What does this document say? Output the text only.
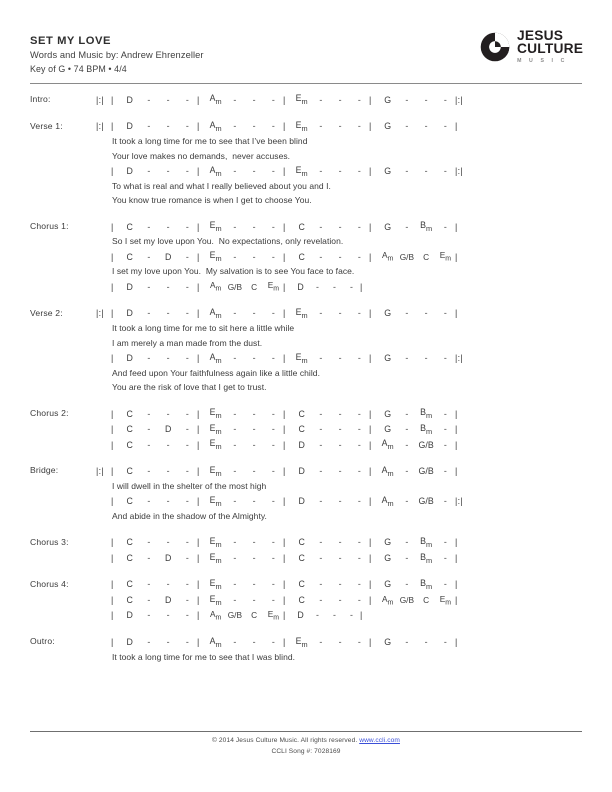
SET MY LOVE
Words and Music by: Andrew Ehrenzeller
Key of G • 74 BPM • 4/4
JESUS
CULTURE
M U S I C
Intro:	|:| |	D	-	-	- |	$A_m$	-	-	- |	$E_m$	-	-	- |	G	-	-	- |:|
Verse 1:	|:| |	D	-	-	- |	$A_m$	-	-	- |	$E_m$	-	-	- |	G	-	-	- |
It took a long time for me to see that I’ve been blind
Your love makes no demands,  never accuses.
|	D	-	-	- |	$A_m$	-	-	- |	$E_m$	-	-	- |	G	-	-	- |:|
To what is real and what I really believed about you and I.
You know true romance is when I get to choose You.
Chorus 1:	|	C	-	-	- |	$E_m$	-	-	- |	C	-	-	- |	G	-	$B_m$	- |
So I set my love upon You.  No expectations, only revelation.
|	C	-	D	- |	$E_m$	-	-	- |	C	-	-	- |	$A_m$ G/B	C	$E_m$ |
I set my love upon You.  My salvation is to see You face to face.
|	D	-	-	- |	$A_m$ G/B	C	$E_m$ |	D	-	-	- |
Verse 2:	|:| |	D	-	-	- |	$A_m$	-	-	- |	$E_m$	-	-	- |	G	-	-	- |
It took a long time for me to sit here a little while
I am merely a man made from the dust.
|	D	-	-	- |	$A_m$	-	-	- |	$E_m$	-	-	- |	G	-	-	- |:|
And feed upon Your faithfulness again like a little child.
You are the risk of love that I get to trust.
Chorus 2:	|	C	-	-	- |	$E_m$	-	-	- |	C	-	-	- |	G	-	$B_m$	- |
|	C	-	D	- |	$E_m$	-	-	- |	C	-	-	- |	G	-	$B_m$	- |
|	C	-	-	- |	$E_m$	-	-	- |	D	-	-	- |	$A_m$	-	G/B	- |
Bridge:	|:| |	C	-	-	- |	$E_m$	-	-	- |	D	-	-	- |	$A_m$	-	G/B	- |
I will dwell in the shelter of the most high
|	C	-	-	- |	$E_m$	-	-	- |	D	-	-	- |	$A_m$	-	G/B	- |:|
And abide in the shadow of the Almighty.
Chorus 3:	|	C	-	-	- |	$E_m$	-	-	- |	C	-	-	- |	G	-	$B_m$	- |
|	C	-	D	- |	$E_m$	-	-	- |	C	-	-	- |	G	-	$B_m$	- |
Chorus 4:	|	C	-	-	- |	$E_m$	-	-	- |	C	-	-	- |	G	-	$B_m$	- |
|	C	-	D	- |	$E_m$	-	-	- |	C	-	-	- |	$A_m$ G/B	C	$E_m$ |
|	D	-	-	- |	$A_m$ G/B	C	$E_m$ |	D	-	-	- |
Outro:	|	D	-	-	- |	$A_m$	-	-	- |	$E_m$	-	-	- |	G	-	-	- |
It took a long time for me to see that I was blind.
© 2014 Jesus Culture Music. All rights reserved. www.ccli.com
CCLI Song #: 7028169
